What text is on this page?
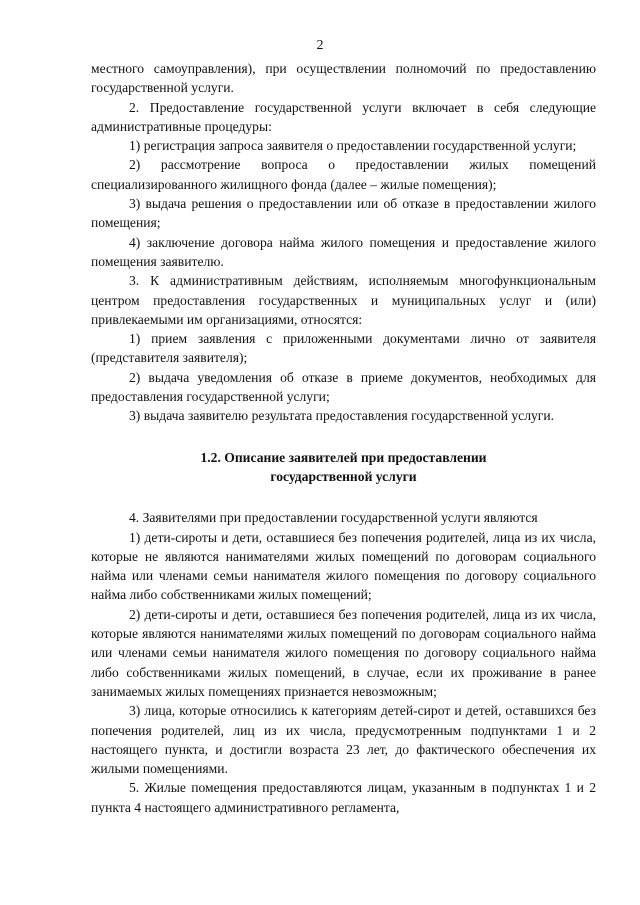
2

местного самоуправления), при осуществлении полномочий по предоставлению государственной услуги.

2. Предоставление государственной услуги включает в себя следующие административные процедуры:

1) регистрация запроса заявителя о предоставлении государственной услуги;

2) рассмотрение вопроса о предоставлении жилых помещений специализированного жилищного фонда (далее – жилые помещения);

3) выдача решения о предоставлении или об отказе в предоставлении жилого помещения;

4) заключение договора найма жилого помещения и предоставление жилого помещения заявителю.

3. К административным действиям, исполняемым многофункциональным центром предоставления государственных и муниципальных услуг и (или) привлекаемыми им организациями, относятся:

1) прием заявления с приложенными документами лично от заявителя (представителя заявителя);

2) выдача уведомления об отказе в приеме документов, необходимых для предоставления государственной услуги;

3) выдача заявителю результата предоставления государственной услуги.

1.2. Описание заявителей при предоставлении
государственной услуги

4. Заявителями при предоставлении государственной услуги являются

1) дети-сироты и дети, оставшиеся без попечения родителей, лица из их числа, которые не являются нанимателями жилых помещений по договорам социального найма или членами семьи нанимателя жилого помещения по договору социального найма либо собственниками жилых помещений;

2) дети-сироты и дети, оставшиеся без попечения родителей, лица из их числа, которые являются нанимателями жилых помещений по договорам социального найма или членами семьи нанимателя жилого помещения по договору социального найма либо собственниками жилых помещений, в случае, если их проживание в ранее занимаемых жилых помещениях признается невозможным;

3) лица, которые относились к категориям детей-сирот и детей, оставшихся без попечения родителей, лиц из их числа, предусмотренным подпунктами 1 и 2 настоящего пункта, и достигли возраста 23 лет, до фактического обеспечения их жилыми помещениями.

5. Жилые помещения предоставляются лицам, указанным в подпунктах 1 и 2 пункта 4 настоящего административного регламента,
